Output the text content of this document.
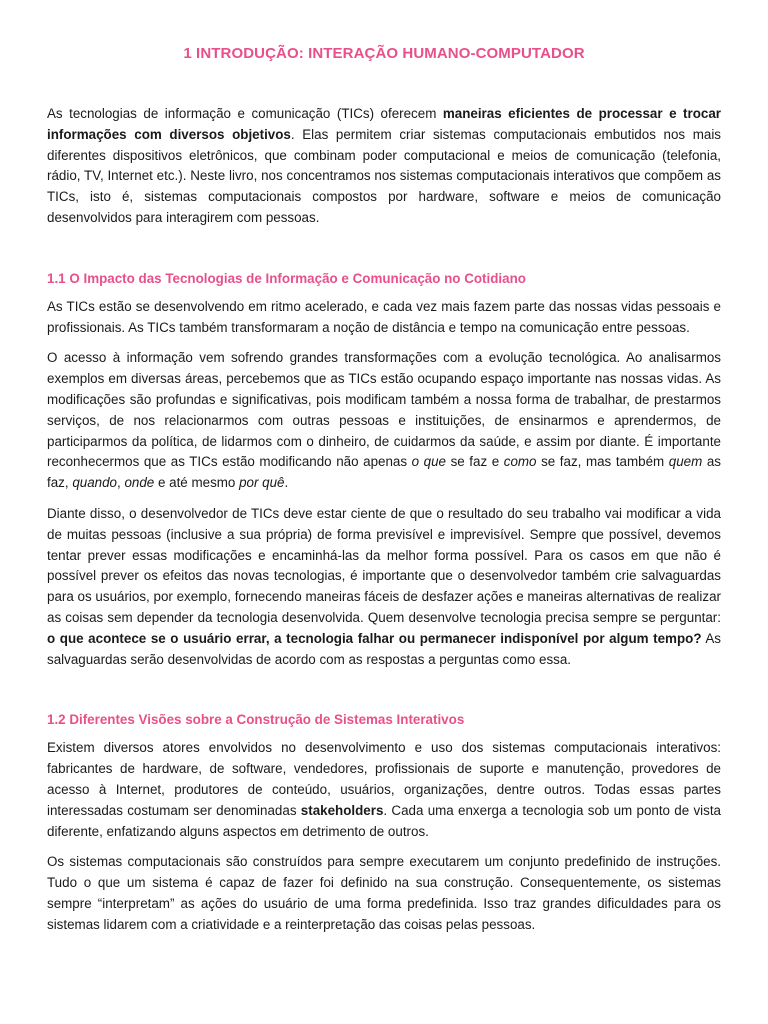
1 INTRODUÇÃO: INTERAÇÃO HUMANO-COMPUTADOR

As tecnologias de informação e comunicação (TICs) oferecem maneiras eficientes de processar e trocar informações com diversos objetivos. Elas permitem criar sistemas computacionais embutidos nos mais diferentes dispositivos eletrônicos, que combinam poder computacional e meios de comunicação (telefonia, rádio, TV, Internet etc.). Neste livro, nos concentramos nos sistemas computacionais interativos que compõem as TICs, isto é, sistemas computacionais compostos por hardware, software e meios de comunicação desenvolvidos para interagirem com pessoas.

1.1 O Impacto das Tecnologias de Informação e Comunicação no Cotidiano

As TICs estão se desenvolvendo em ritmo acelerado, e cada vez mais fazem parte das nossas vidas pessoais e profissionais. As TICs também transformaram a noção de distância e tempo na comunicação entre pessoas.

O acesso à informação vem sofrendo grandes transformações com a evolução tecnológica. Ao analisarmos exemplos em diversas áreas, percebemos que as TICs estão ocupando espaço importante nas nossas vidas. As modificações são profundas e significativas, pois modificam também a nossa forma de trabalhar, de prestarmos serviços, de nos relacionarmos com outras pessoas e instituições, de ensinarmos e aprendermos, de participarmos da política, de lidarmos com o dinheiro, de cuidarmos da saúde, e assim por diante. É importante reconhecermos que as TICs estão modificando não apenas o que se faz e como se faz, mas também quem as faz, quando, onde e até mesmo por quê.

Diante disso, o desenvolvedor de TICs deve estar ciente de que o resultado do seu trabalho vai modificar a vida de muitas pessoas (inclusive a sua própria) de forma previsível e imprevisível. Sempre que possível, devemos tentar prever essas modificações e encaminhá-las da melhor forma possível. Para os casos em que não é possível prever os efeitos das novas tecnologias, é importante que o desenvolvedor também crie salvaguardas para os usuários, por exemplo, fornecendo maneiras fáceis de desfazer ações e maneiras alternativas de realizar as coisas sem depender da tecnologia desenvolvida. Quem desenvolve tecnologia precisa sempre se perguntar: o que acontece se o usuário errar, a tecnologia falhar ou permanecer indisponível por algum tempo? As salvaguardas serão desenvolvidas de acordo com as respostas a perguntas como essa.

1.2 Diferentes Visões sobre a Construção de Sistemas Interativos

Existem diversos atores envolvidos no desenvolvimento e uso dos sistemas computacionais interativos: fabricantes de hardware, de software, vendedores, profissionais de suporte e manutenção, provedores de acesso à Internet, produtores de conteúdo, usuários, organizações, dentre outros. Todas essas partes interessadas costumam ser denominadas stakeholders. Cada uma enxerga a tecnologia sob um ponto de vista diferente, enfatizando alguns aspectos em detrimento de outros.

Os sistemas computacionais são construídos para sempre executarem um conjunto predefinido de instruções. Tudo o que um sistema é capaz de fazer foi definido na sua construção. Consequentemente, os sistemas sempre “interpretam” as ações do usuário de uma forma predefinida. Isso traz grandes dificuldades para os sistemas lidarem com a criatividade e a reinterpretação das coisas pelas pessoas.
